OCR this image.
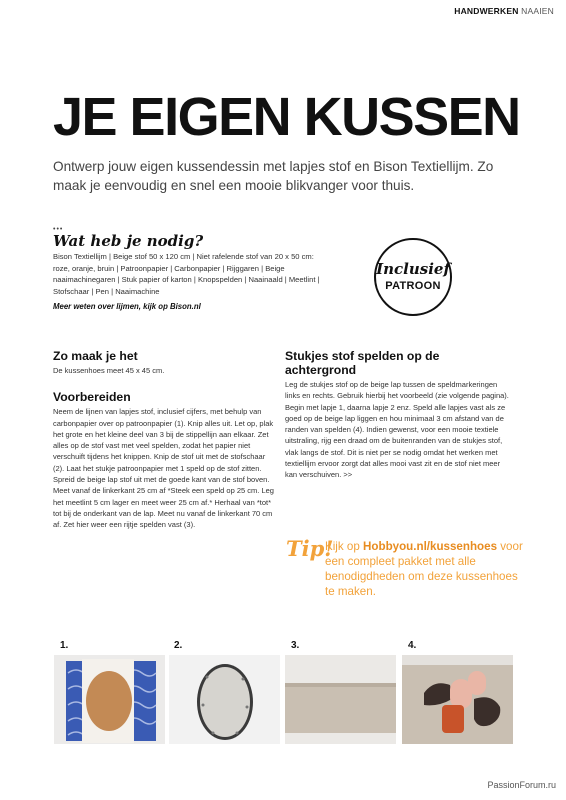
HANDWERKEN NAAIEN
JE EIGEN KUSSEN
Ontwerp jouw eigen kussendessin met lapjes stof en Bison Textiellijm. Zo maak je eenvoudig en snel een mooie blikvanger voor thuis.
•••
Wat heb je nodig?
Bison Textiellijm | Beige stof 50 x 120 cm | Niet rafelende stof van 20 x 50 cm: roze, oranje, bruin | Patroonpapier | Carbonpapier | Rijggaren | Beige naaimachinegaren | Stuk papier of karton | Knopspelden | Naainaald | Meetlint | Stofschaar | Pen | Naaimachine
Meer weten over lijmen, kijk op Bison.nl
Inclusief
PATROON
Zo maak je het

De kussenhoes meet 45 x 45 cm.

Voorbereiden

Neem de lijnen van lapjes stof, inclusief cijfers, met behulp van carbonpapier over op patroonpapier (1). Knip alles uit. Let op, plak het grote en het kleine deel van 3 bij de stippellijn aan elkaar. Zet alles op de stof vast met veel spelden, zodat het papier niet verschuift tijdens het knippen. Knip de stof uit met de stofschaar (2). Laat het stukje patroonpapier met 1 speld op de stof zitten. Spreid de beige lap stof uit met de goede kant van de stof boven. Meet vanaf de linkerkant 25 cm af *Steek een speld op 25 cm. Leg het meetlint 5 cm lager en meet weer 25 cm af.* Herhaal van *tot* tot bij de onderkant van de lap. Meet nu vanaf de linkerkant 70 cm af. Zet hier weer een rijtje spelden vast (3).

Stukjes stof spelden op de achtergrond

Leg de stukjes stof op de beige lap tussen de speldmarkeringen links en rechts. Gebruik hierbij het voorbeeld (zie volgende pagina). Begin met lapje 1, daarna lapje 2 enz. Speld alle lapjes vast als ze goed op de beige lap liggen en hou minimaal 3 cm afstand van de randen van spelden (4). Indien gewenst, voor een mooie textiele uitstraling, rijg een draad om de buitenranden van de stukjes stof, vlak langs de stof. Dit is niet per se nodig omdat het werken met textiellijm ervoor zorgt dat alles mooi vast zit en de stof niet meer kan verschuiven. >>

Tip!
Kijk op Hobbyou.nl/kussenhoes voor een compleet pakket met alle benodigdheden om deze kussenhoes te maken.
1.	2.	3.	4.
PassionForum.ru
